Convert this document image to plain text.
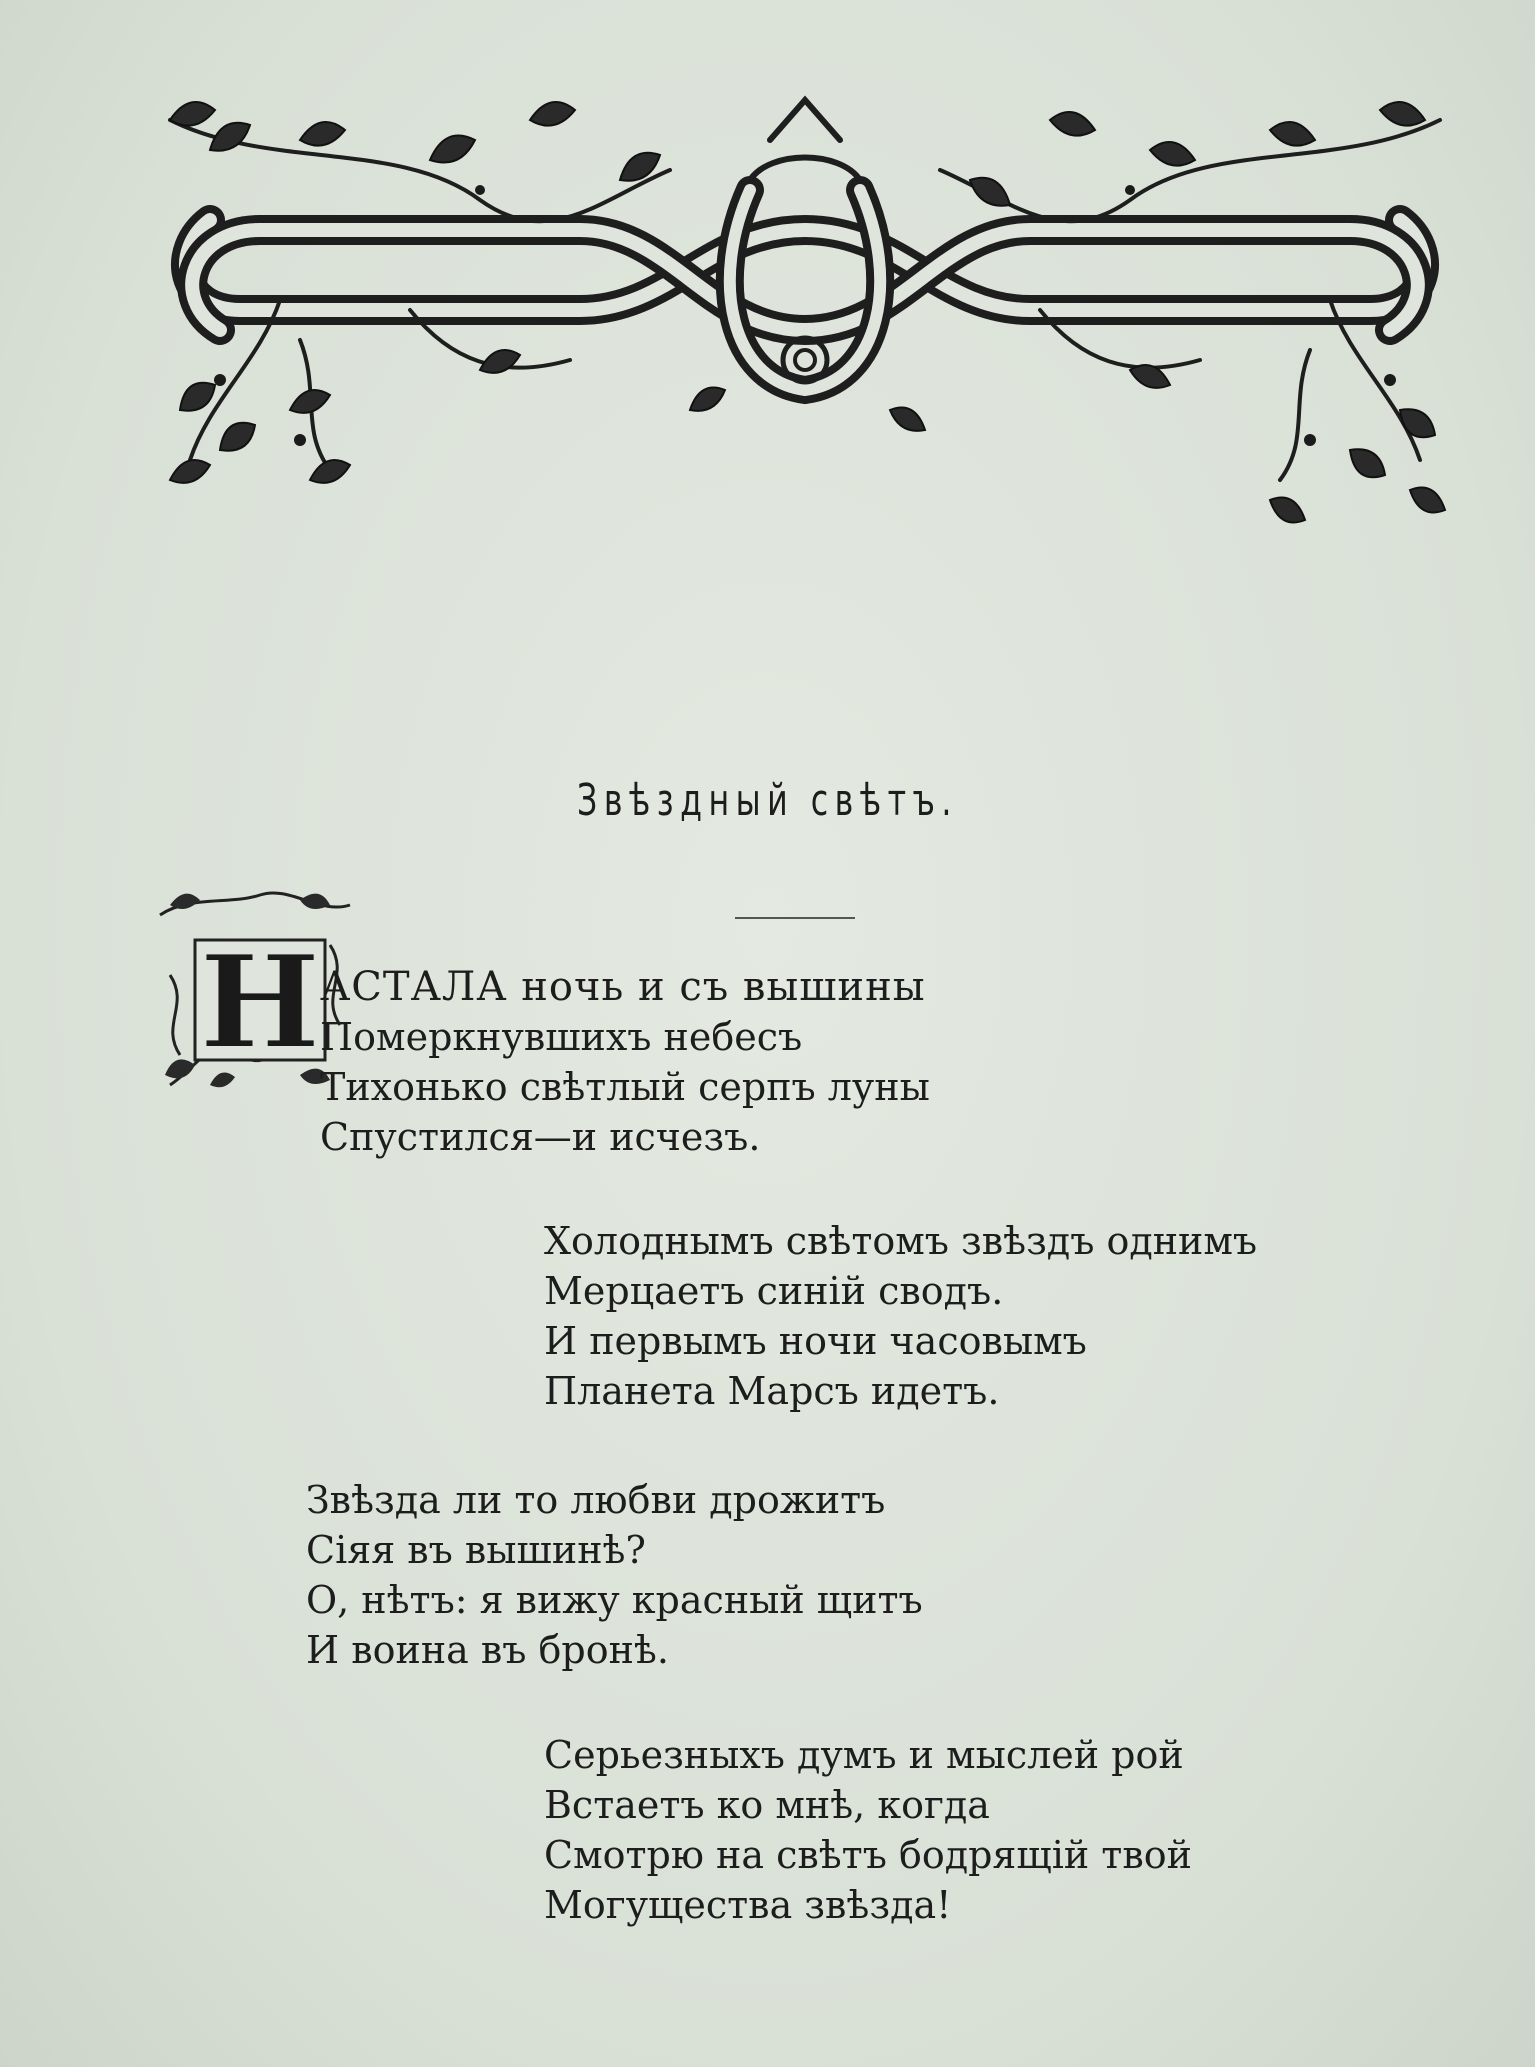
Звѣздный свѣтъ.
Н АСТАЛА ночь и съ вышины
Померкнувшихъ небесъ
Тихонько свѣтлый серпъ луны
Спустился—и исчезъ.
Холоднымъ свѣтомъ звѣздъ однимъ
Мерцаетъ синій сводъ.
И первымъ ночи часовымъ
Планета Марсъ идетъ.
Звѣзда ли то любви дрожитъ
Сіяя въ вышинѣ?
О, нѣтъ: я вижу красный щитъ
И воина въ бронѣ.
Серьезныхъ думъ и мыслей рой
Встаетъ ко мнѣ, когда
Смотрю на свѣтъ бодрящій твой
Могущества звѣзда!
